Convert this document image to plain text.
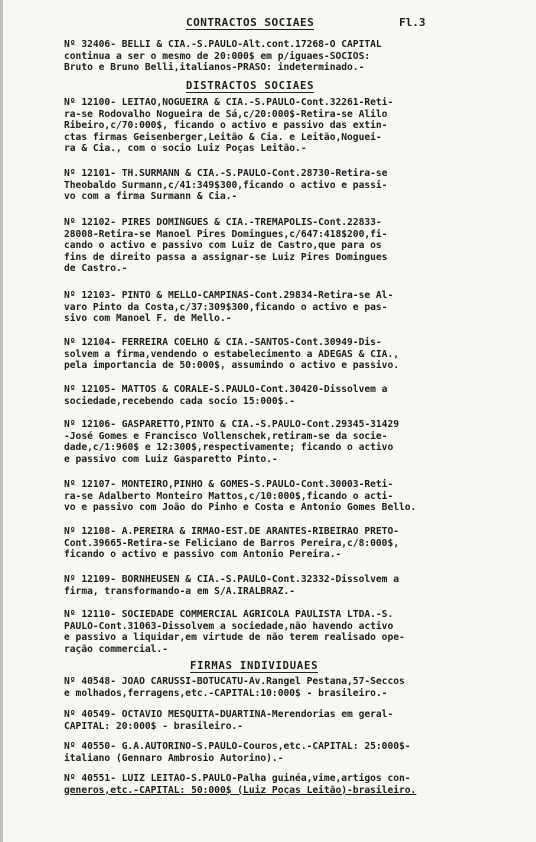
CONTRACTOS SOCIAES	Fl.3
Nº 32406- BELLI & CIA.-S.PAULO-Alt.cont.17268-O CAPITAL
continua a ser o mesmo de 20:000$ em p/iguaes-SOCIOS:
Bruto e Bruno Belli,italianos-PRASO: indeterminado.-
DISTRACTOS SOCIAES
Nº 12100- LEITÃO,NOGUEIRA & CIA.-S.PAULO-Cont.32261-Reti-
ra-se Rodovalho Nogueira de Sá,c/20:000$-Retira-se Alilo
Ribeiro,c/70:000$, ficando o activo e passivo das extin-
ctas firmas Geisenberger,Leitão & Cia. e Leitão,Noguei-
ra & Cia., com o socio Luiz Poças Leitão.-
Nº 12101- TH.SURMANN & CIA.-S.PAULO-Cont.28730-Retira-se
Theobaldo Surmann,c/41:349$300,ficando o activo e passi-
vo com a firma Surmann & Cia.-
Nº 12102- PIRES DOMINGUES & CIA.-TREMAPOLIS-Cont.22833-
28008-Retira-se Manoel Pires Domingues,c/647:418$200,fi-
cando o activo e passivo com Luiz de Castro,que para os
fins de direito passa a assignar-se Luiz Pires Domingues
de Castro.-
Nº 12103- PINTO & MELLO-CAMPINAS-Cont.29834-Retira-se Al-
varo Pinto da Costa,c/37:309$300,ficando o activo e pas-
sivo com Manoel F. de Mello.-
Nº 12104- FERREIRA COELHO & CIA.-SANTOS-Cont.30949-Dis-
solvem a firma,vendendo o estabelecimento a ADEGAS & CIA.,
pela importancia de 50:000$, assumindo o activo e passivo.
Nº 12105- MATTOS & CORALE-S.PAULO-Cont.30420-Dissolvem a
sociedade,recebendo cada socio 15:000$.-
Nº 12106- GASPARETTO,PINTO & CIA.-S.PAULO-Cont.29345-31429
-José Gomes e Francisco Vollenschek,retiram-se da socie-
dade,c/1:960$ e 12:300$,respectivamente; ficando o activo
e passivo com Luiz Gasparetto Pinto.-
Nº 12107- MONTEIRO,PINHO & GOMES-S.PAULO-Cont.30003-Reti-
ra-se Adalberto Monteiro Mattos,c/10:000$,ficando o acti-
vo e passivo com João do Pinho e Costa e Antonio Gomes Bello.
Nº 12108- A.PEREIRA & IRMÃO-EST.DE ARANTES-RIBEIRÃO PRETO-
Cont.39665-Retira-se Feliciano de Barros Pereira,c/8:000$,
ficando o activo e passivo com Antonio Pereira.-
Nº 12109- BORNHEUSEN & CIA.-S.PAULO-Cont.32332-Dissolvem a
firma, transformando-a em S/A.IRALBRAZ.-
Nº 12110- SOCIEDADE COMMERCIAL AGRICOLA PAULISTA LTDA.-S.
PAULO-Cont.31063-Dissolvem a sociedade,não havendo activo
e passivo a liquidar,em virtude de não terem realisado ope-
ração commercial.-
FIRMAS INDIVIDUAES
Nº 40548- JOÃO CARUSSI-BOTUCATU-Av.Rangel Pestana,57-Seccos
e molhados,ferragens,etc.-CAPITAL:10:000$ - brasileiro.-
Nº 40549- OCTAVIO MESQUITA-DUARTINA-Merendorias em geral-
CAPITAL: 20:000$ - brasileiro.-
Nº 40550- G.A.AUTORINO-S.PAULO-Couros,etc.-CAPITAL: 25:000$-
italiano (Gennaro Ambrosio Autorino).-
Nº 40551- LUIZ LEITÃO-S.PAULO-Palha guinéa,vime,artigos con-
generos,etc.-CAPITAL: 50:000$ (Luiz Poças Leitão)-brasileiro.
